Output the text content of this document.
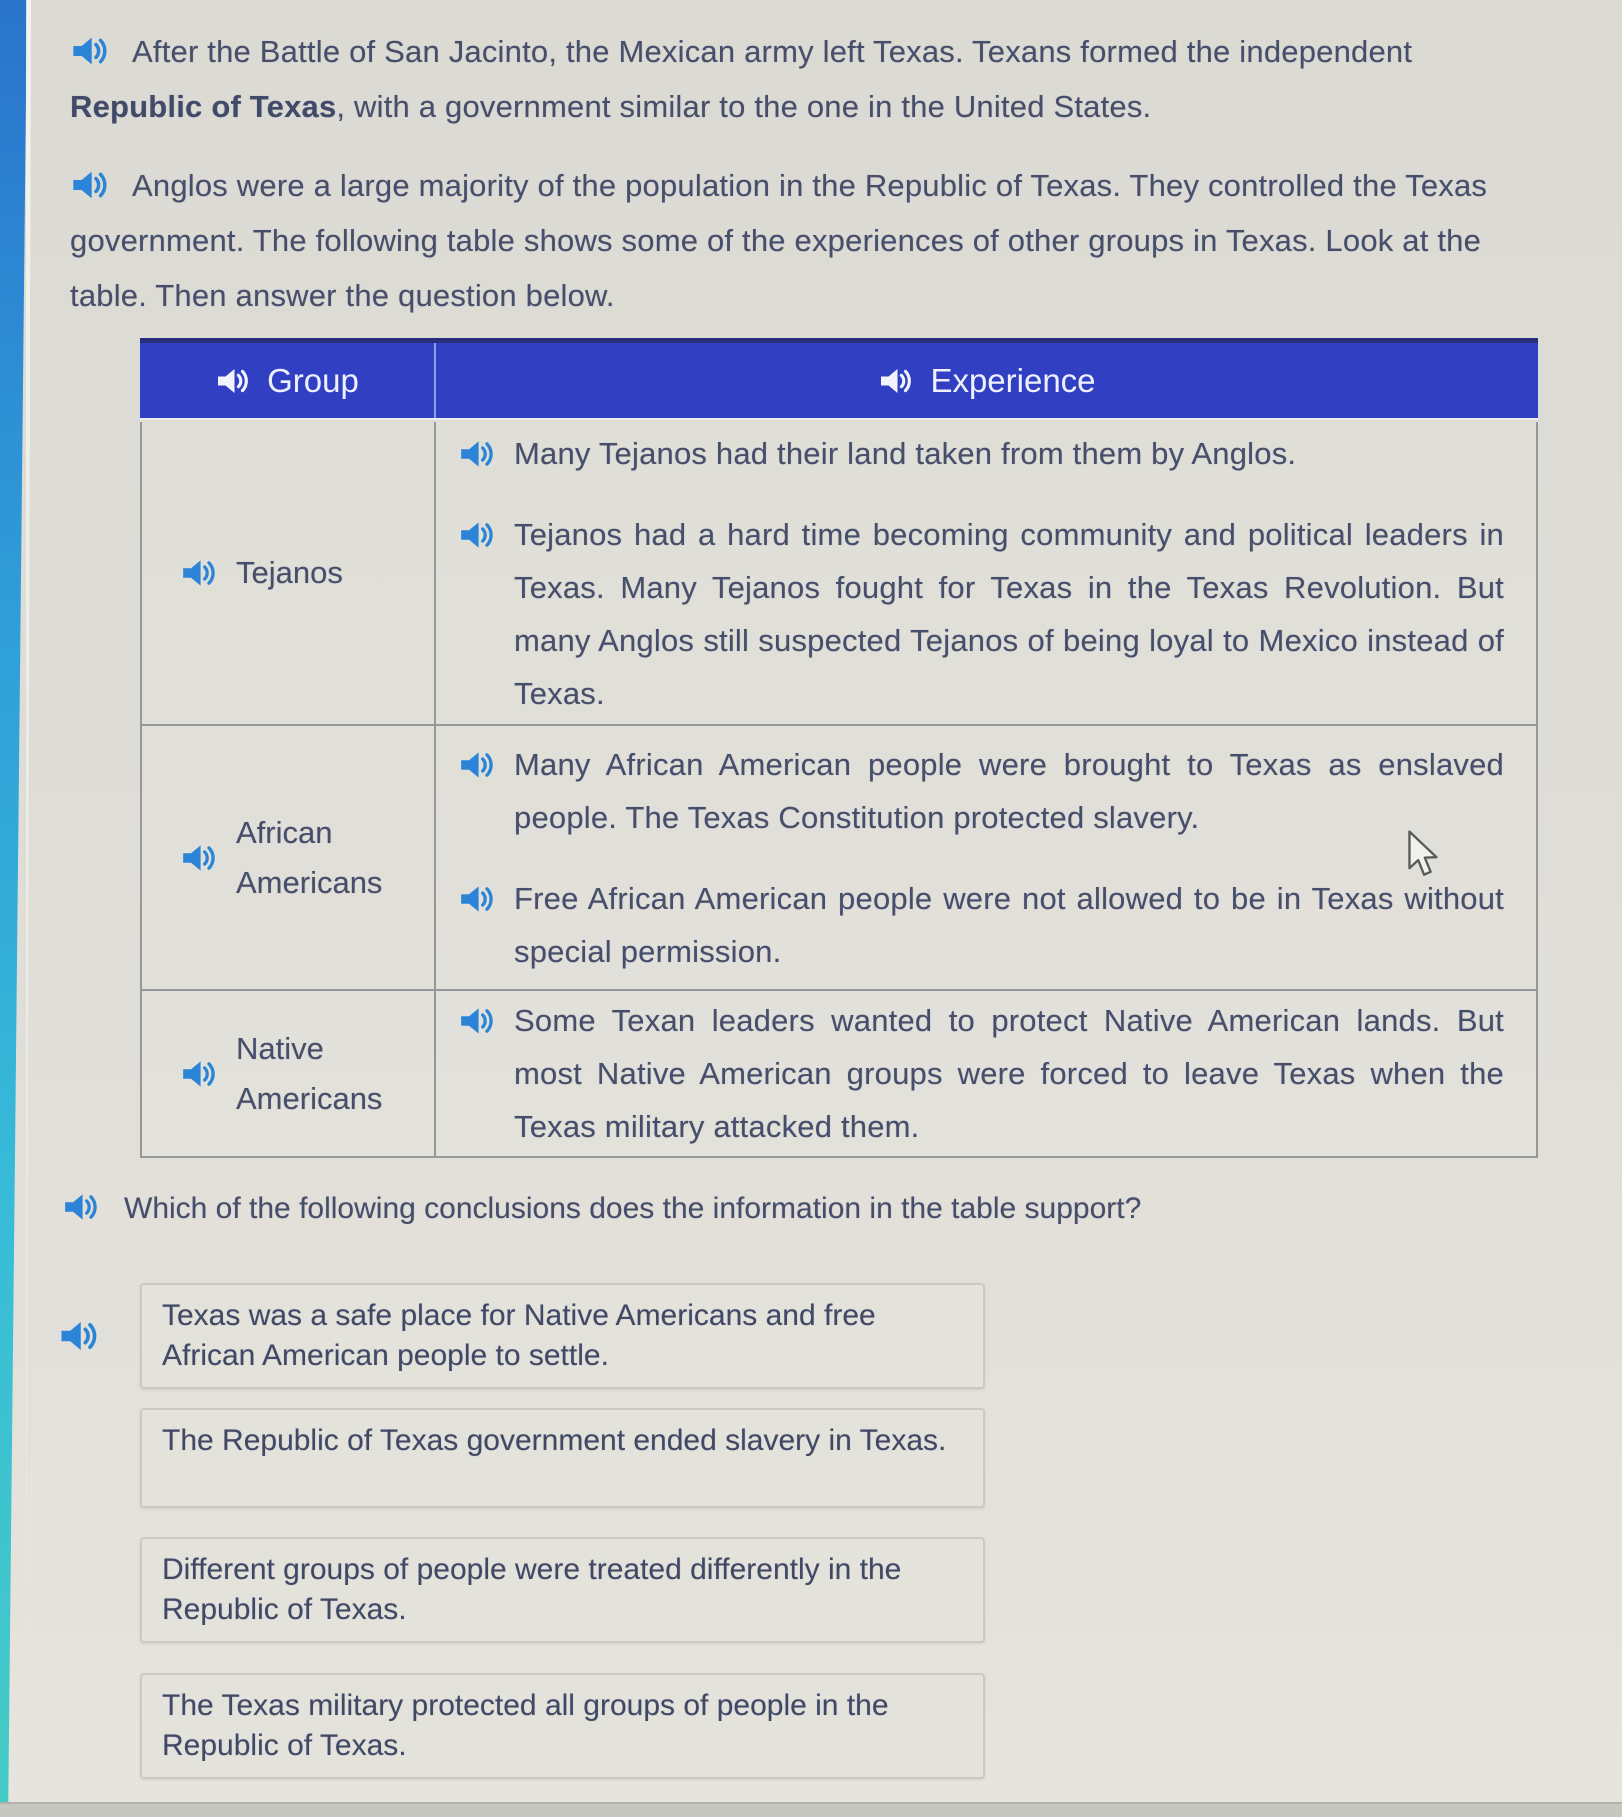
After the Battle of San Jacinto, the Mexican army left Texas. Texans formed the independent Republic of Texas, with a government similar to the one in the United States.
Anglos were a large majority of the population in the Republic of Texas. They controlled the Texas government. The following table shows some of the experiences of other groups in Texas. Look at the table. Then answer the question below.
Group	Experience
Tejanos
Many Tejanos had their land taken from them by Anglos.
Tejanos had a hard time becoming community and political leaders in Texas. Many Tejanos fought for Texas in the Texas Revolution. But many Anglos still suspected Tejanos of being loyal to Mexico instead of Texas.
African Americans
Many African American people were brought to Texas as enslaved people. The Texas Constitution protected slavery.
Free African American people were not allowed to be in Texas without special permission.
Native Americans
Some Texan leaders wanted to protect Native American lands. But most Native American groups were forced to leave Texas when the Texas military attacked them.
Which of the following conclusions does the information in the table support?
Texas was a safe place for Native Americans and free African American people to settle.
The Republic of Texas government ended slavery in Texas.
Different groups of people were treated differently in the Republic of Texas.
The Texas military protected all groups of people in the Republic of Texas.
